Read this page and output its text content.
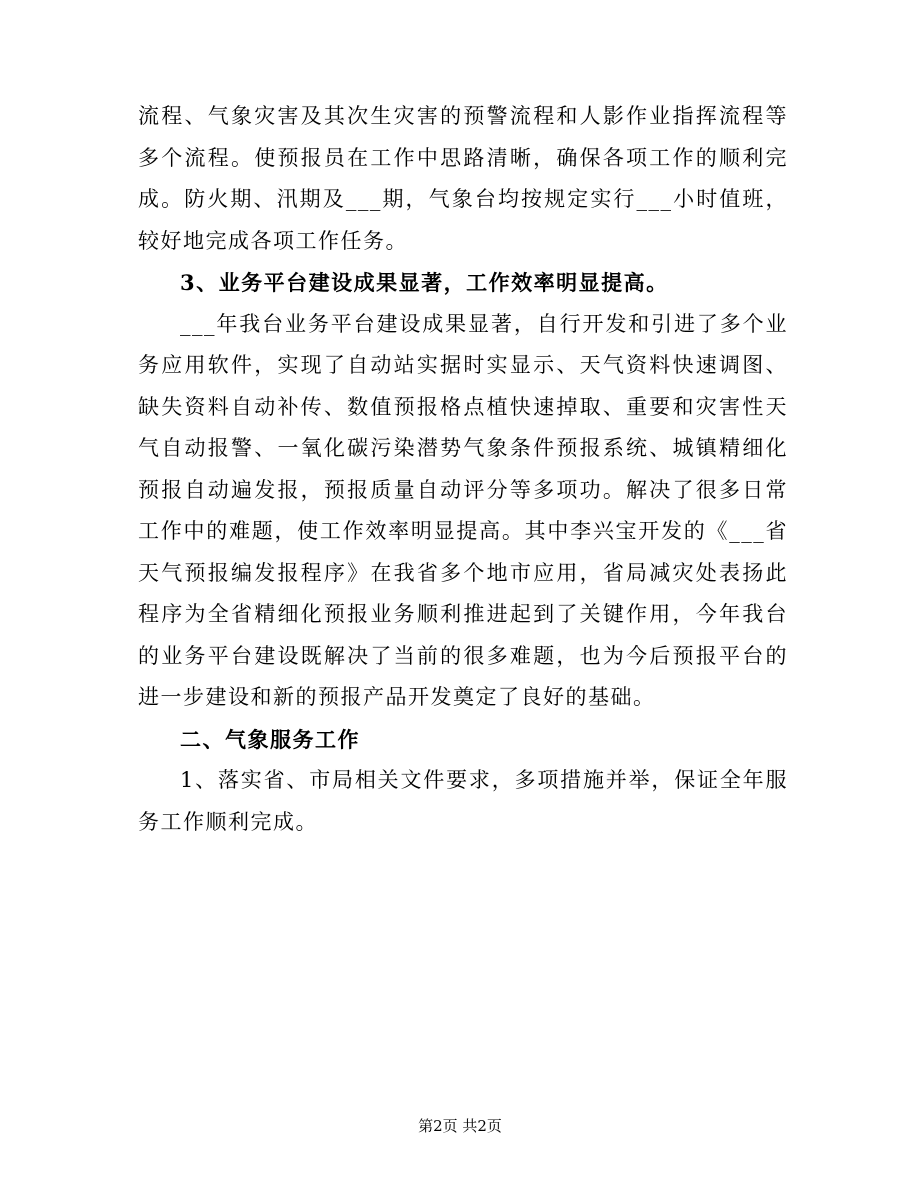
流程、气象灾害及其次生灾害的预警流程和人影作业指挥流程等多个流程。使预报员在工作中思路清晰，确保各项工作的顺利完成。防火期、汛期及___期，气象台均按规定实行___小时值班，较好地完成各项工作任务。

3、业务平台建设成果显著，工作效率明显提高。

___年我台业务平台建设成果显著，自行开发和引进了多个业务应用软件，实现了自动站实据时实显示、天气资料快速调图、缺失资料自动补传、数值预报格点植快速掉取、重要和灾害性天气自动报警、一氧化碳污染潜势气象条件预报系统、城镇精细化预报自动遍发报，预报质量自动评分等多项功。解决了很多日常工作中的难题，使工作效率明显提高。其中李兴宝开发的《___省天气预报编发报程序》在我省多个地市应用，省局减灾处表扬此程序为全省精细化预报业务顺利推进起到了关键作用，今年我台的业务平台建设既解决了当前的很多难题，也为今后预报平台的进一步建设和新的预报产品开发奠定了良好的基础。

二、气象服务工作

1、落实省、市局相关文件要求，多项措施并举，保证全年服务工作顺利完成。

第2页 共2页
